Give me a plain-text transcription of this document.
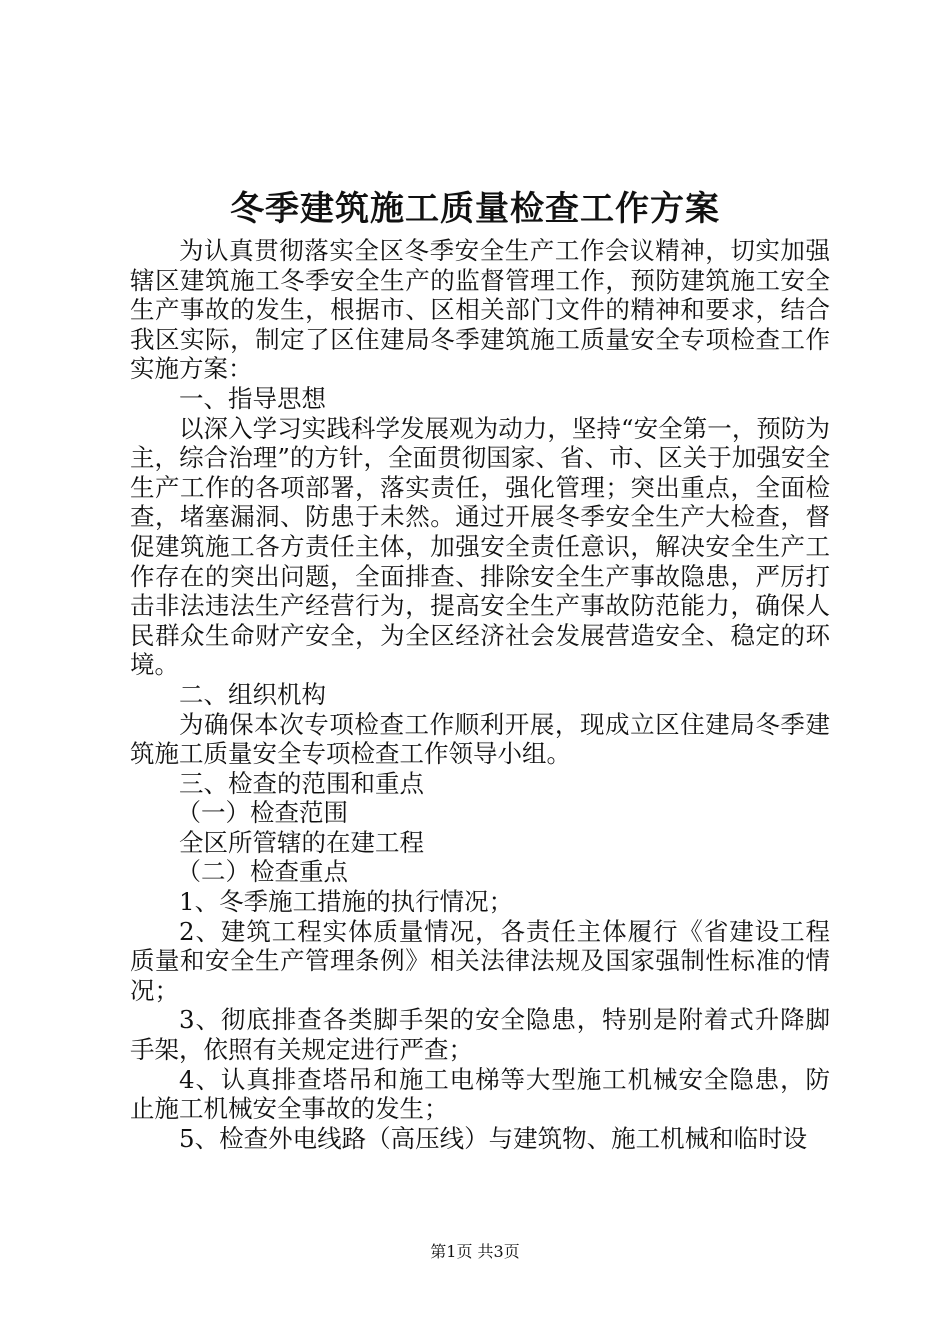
冬季建筑施工质量检查工作方案

为认真贯彻落实全区冬季安全生产工作会议精神，切实加强辖区建筑施工冬季安全生产的监督管理工作，预防建筑施工安全生产事故的发生，根据市、区相关部门文件的精神和要求，结合我区实际，制定了区住建局冬季建筑施工质量安全专项检查工作实施方案：

一、指导思想

以深入学习实践科学发展观为动力，坚持“安全第一，预防为主，综合治理”的方针，全面贯彻国家、省、市、区关于加强安全生产工作的各项部署，落实责任，强化管理；突出重点，全面检查，堵塞漏洞、防患于未然。通过开展冬季安全生产大检查，督促建筑施工各方责任主体，加强安全责任意识，解决安全生产工作存在的突出问题，全面排查、排除安全生产事故隐患，严厉打击非法违法生产经营行为，提高安全生产事故防范能力，确保人民群众生命财产安全，为全区经济社会发展营造安全、稳定的环境。

二、组织机构

为确保本次专项检查工作顺利开展，现成立区住建局冬季建筑施工质量安全专项检查工作领导小组。

三、检查的范围和重点

（一）检查范围

全区所管辖的在建工程

（二）检查重点

1、冬季施工措施的执行情况；

2、建筑工程实体质量情况，各责任主体履行《省建设工程质量和安全生产管理条例》相关法律法规及国家强制性标准的情况；

3、彻底排查各类脚手架的安全隐患，特别是附着式升降脚手架，依照有关规定进行严查；

4、认真排查塔吊和施工电梯等大型施工机械安全隐患，防止施工机械安全事故的发生；

5、检查外电线路（高压线）与建筑物、施工机械和临时设

第1页 共3页
